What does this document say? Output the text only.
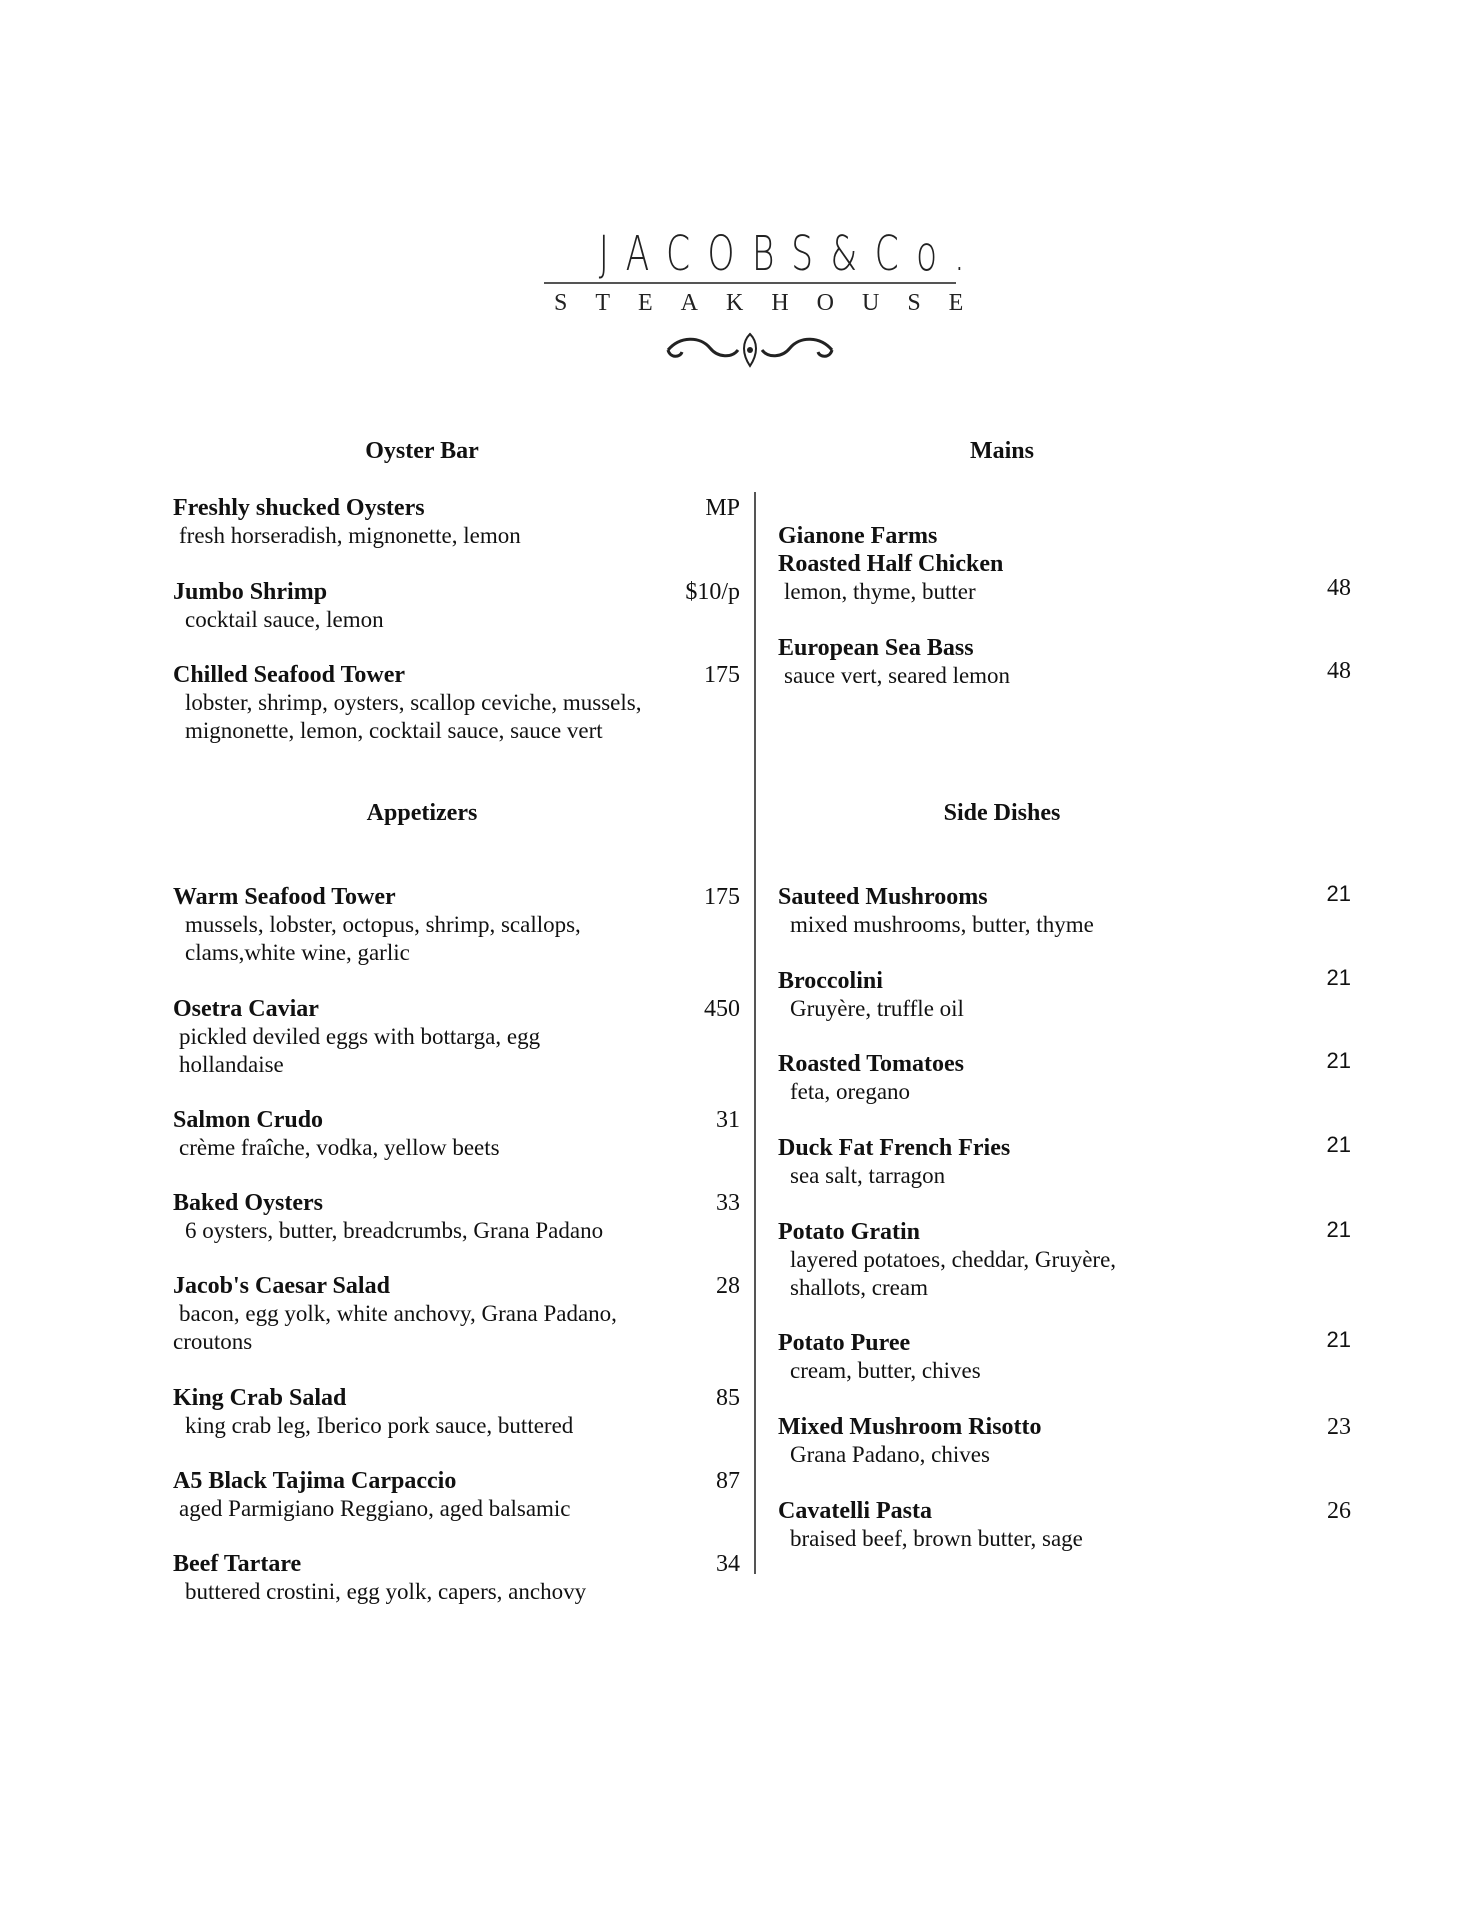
JACOBS&Co.
STEAKHOUSE
Oyster Bar	Mains
Appetizers	Side Dishes
Freshly shucked Oysters
fresh horseradish, mignonette, lemon
MP
Jumbo Shrimp
cocktail sauce, lemon
$10/p
Chilled Seafood Tower
lobster, shrimp, oysters, scallop ceviche, mussels,
mignonette, lemon, cocktail sauce, sauce vert
175
Warm Seafood Tower
mussels, lobster, octopus, shrimp, scallops,
clams,white wine, garlic
175
Osetra Caviar
pickled deviled eggs with bottarga, egg
hollandaise
450
Salmon Crudo
crème fraîche, vodka, yellow beets
31
Baked Oysters
6 oysters, butter, breadcrumbs, Grana Padano
33
Jacob's Caesar Salad
bacon, egg yolk, white anchovy, Grana Padano,
croutons
28
King Crab Salad
king crab leg, Iberico pork sauce, buttered
85
A5 Black Tajima Carpaccio
aged Parmigiano Reggiano, aged balsamic
87
Beef Tartare
buttered crostini, egg yolk, capers, anchovy
34
Gianone Farms
Roasted Half Chicken
lemon, thyme, butter	48
European Sea Bass
sauce vert, seared lemon	48
Sauteed Mushrooms
mixed mushrooms, butter, thyme
21
Broccolini
Gruyère, truffle oil
21
Roasted Tomatoes
feta, oregano
21
Duck Fat French Fries
sea salt, tarragon
21
Potato Gratin
layered potatoes, cheddar, Gruyère,
shallots, cream
21
Potato Puree
cream, butter, chives
21
Mixed Mushroom Risotto
Grana Padano, chives
23
Cavatelli Pasta
braised beef, brown butter, sage
26
